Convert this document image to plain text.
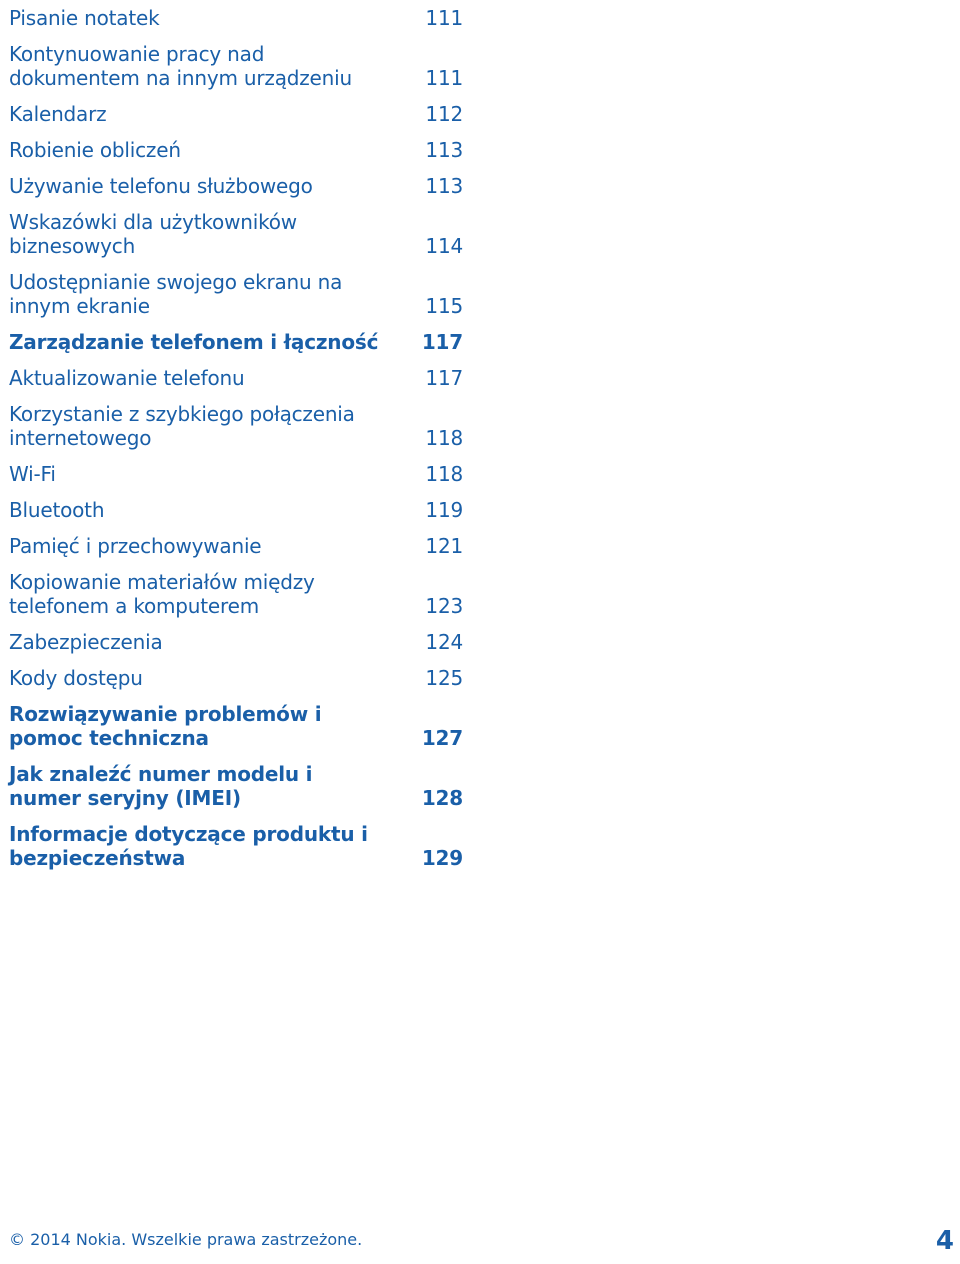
Pisanie notatek	111
Kontynuowanie pracy nad dokumentem na innym urządzeniu	111
Kalendarz	112
Robienie obliczeń	113
Używanie telefonu służbowego	113
Wskazówki dla użytkowników biznesowych	114
Udostępnianie swojego ekranu na innym ekranie	115
Zarządzanie telefonem i łączność	117
Aktualizowanie telefonu	117
Korzystanie z szybkiego połączenia internetowego	118
Wi-Fi	118
Bluetooth	119
Pamięć i przechowywanie	121
Kopiowanie materiałów między telefonem a komputerem	123
Zabezpieczenia	124
Kody dostępu	125
Rozwiązywanie problemów i pomoc techniczna	127
Jak znaleźć numer modelu i numer seryjny (IMEI)	128
Informacje dotyczące produktu i bezpieczeństwa	129
© 2014 Nokia. Wszelkie prawa zastrzeżone.	4
